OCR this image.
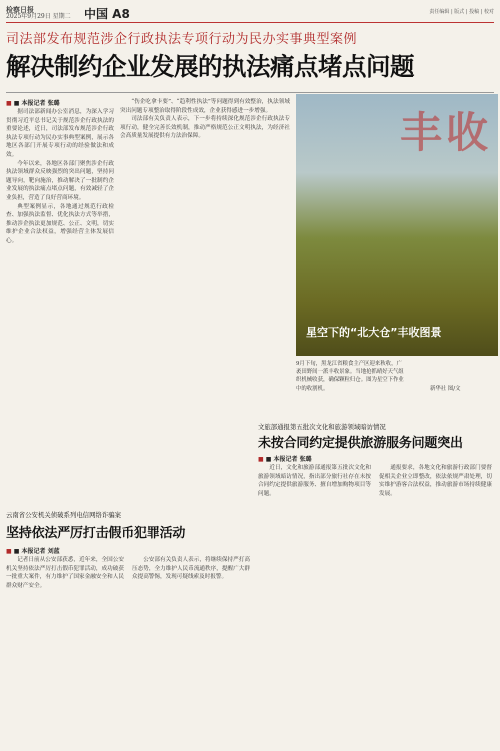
检察日报
2025年9月29日 星期二	中国 A8	责任编辑 | 版式 | 投稿 | 校对
司法部发布规范涉企行政执法专项行动为民办实事典型案例
解决制约企业发展的执法痛点堵点问题
■ ■ 本报记者 张璐

据司法部新闻办公室消息，为深入学习贯彻习近平总书记关于规范涉企行政执法的重要论述，近日，司法部发布规范涉企行政执法专项行动为民办实事典型案例，展示各地区各部门开展专项行动的经验做法和成效。

今年以来，各地区各部门聚焦涉企行政执法领域群众反映强烈的突出问题，坚持问题导向，靶向施治，推动解决了一批制约企业发展的执法痛点堵点问题，有效减轻了企业负担，营造了良好营商环境。

典型案例显示，各地通过规范行政检查、加强执法监督、优化执法方式等举措，推动涉企执法更加规范、公正、文明，切实维护企业合法权益，增强经营主体发展信心。

“伤企吃拿卡要”、“趋利性执法”等问题得到有效整治，执法领域突出问题专项整治取得阶段性成效，企业获得感进一步增强。

司法部有关负责人表示，下一步将持续深化规范涉企行政执法专项行动，健全完善长效机制，推动严格规范公正文明执法，为经济社会高质量发展提供有力法治保障。	丰收
星空下的“北大仓”丰收图景
9月下旬，黑龙江省粮食主产区迎来秋收，广袤田野间一派丰收景象。当地抢抓晴好天气组织机械收获，确保颗粒归仓。图为星空下作业中的收割机。	新华社 图/文
文旅部通报第五批次文化和旅游领域暗访情况
未按合同约定提供旅游服务问题突出
■ ■ 本报记者 张璐

近日，文化和旅游部通报第五批次文化和旅游领域暗访情况，指出部分旅行社存在未按合同约定提供旅游服务、擅自增加购物项目等问题。

通报要求，各地文化和旅游行政部门要督促相关企业立即整改，依法依规严肃处理，切实维护游客合法权益，推动旅游市场持续健康发展。

云南省公安机关侦破系列电信网络诈骗案
坚持依法严厉打击假币犯罪活动
■ ■ 本报记者 刘蓝

记者日前从公安部获悉，近年来，全国公安机关坚持依法严厉打击假币犯罪活动，成功破获一批重大案件，有力维护了国家金融安全和人民群众财产安全。

公安部有关负责人表示，将继续保持严打高压态势，全力维护人民币流通秩序，提醒广大群众提高警惕，发现可疑线索及时报警。
